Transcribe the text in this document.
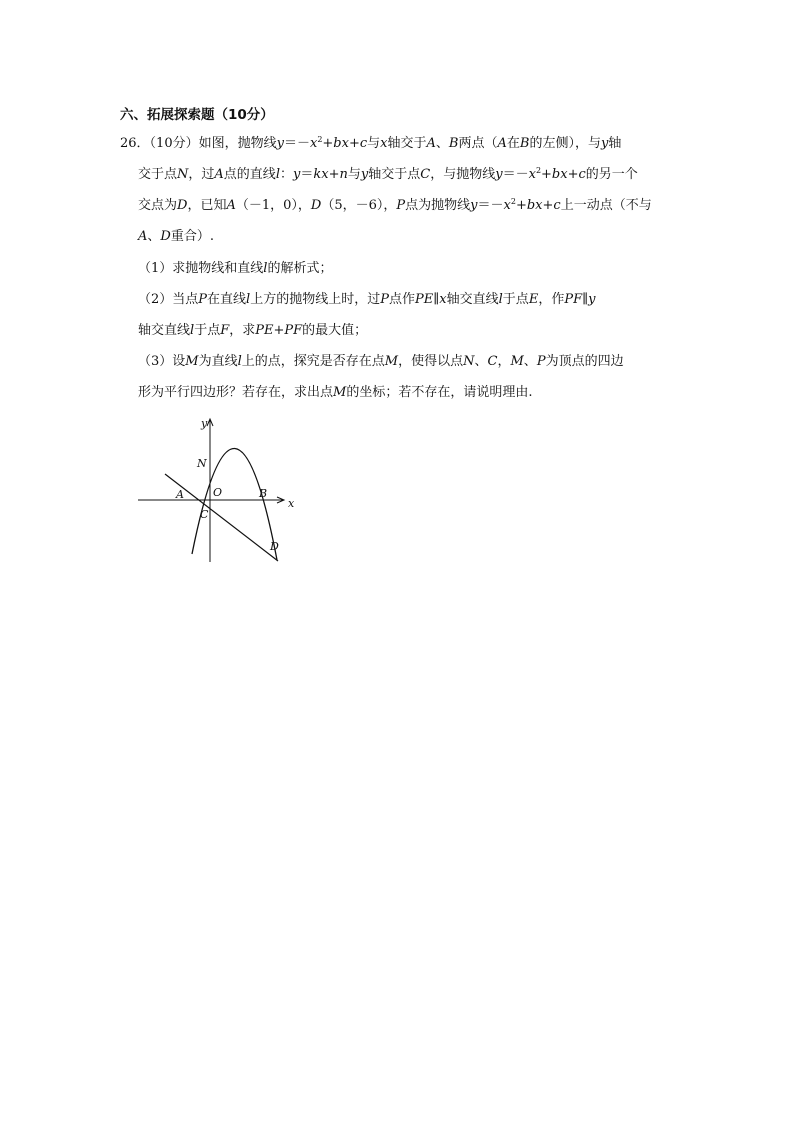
六、拓展探索题（10分）
26．（10分）如图，抛物线$y=-x^2+bx+c$与x轴交于A、B两点（A在B的左侧），与y轴
交于点N，过A点的直线l：y＝kx+n与y轴交于点C，与抛物线$y=-x^2+bx+c$的另一个
交点为D，已知A（－1，0），D（5，－6），P点为抛物线$y=-x^2+bx+c$上一动点（不与
A、D重合）.
（1）求抛物线和直线l的解析式；
（2）当点P在直线l上方的抛物线上时，过P点作PE∥x轴交直线l于点E，作PF∥y
轴交直线l于点F，求PE+PF的最大值；
（3）设M为直线l上的点，探究是否存在点M，使得以点N、C，M、P为顶点的四边
形为平行四边形？若存在，求出点M的坐标；若不存在，请说明理由.
y
x
N
A	O	B
C
D
